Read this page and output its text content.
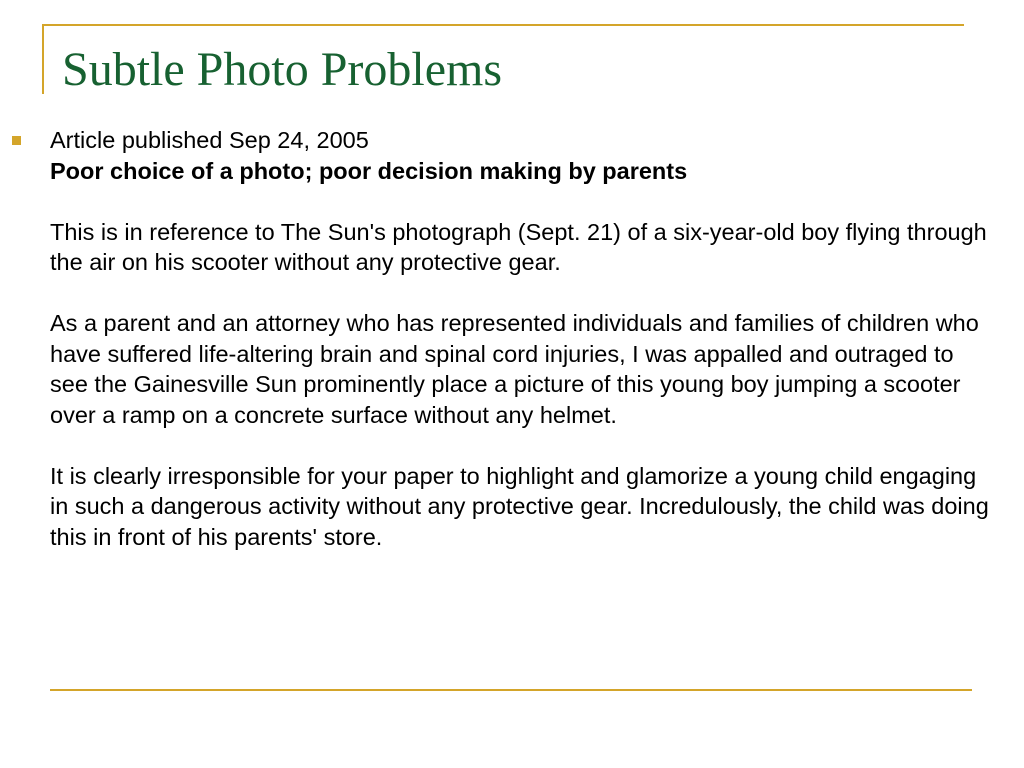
Subtle Photo Problems

Article published Sep 24, 2005

Poor choice of a photo; poor decision making by parents

This is in reference to The Sun's photograph (Sept. 21) of a six-year-old boy flying through the air on his scooter without any protective gear.

As a parent and an attorney who has represented individuals and families of children who have suffered life-altering brain and spinal cord injuries, I was appalled and outraged to see the Gainesville Sun prominently place a picture of this young boy jumping a scooter over a ramp on a concrete surface without any helmet.

It is clearly irresponsible for your paper to highlight and glamorize a young child engaging in such a dangerous activity without any protective gear. Incredulously, the child was doing this in front of his parents' store.
